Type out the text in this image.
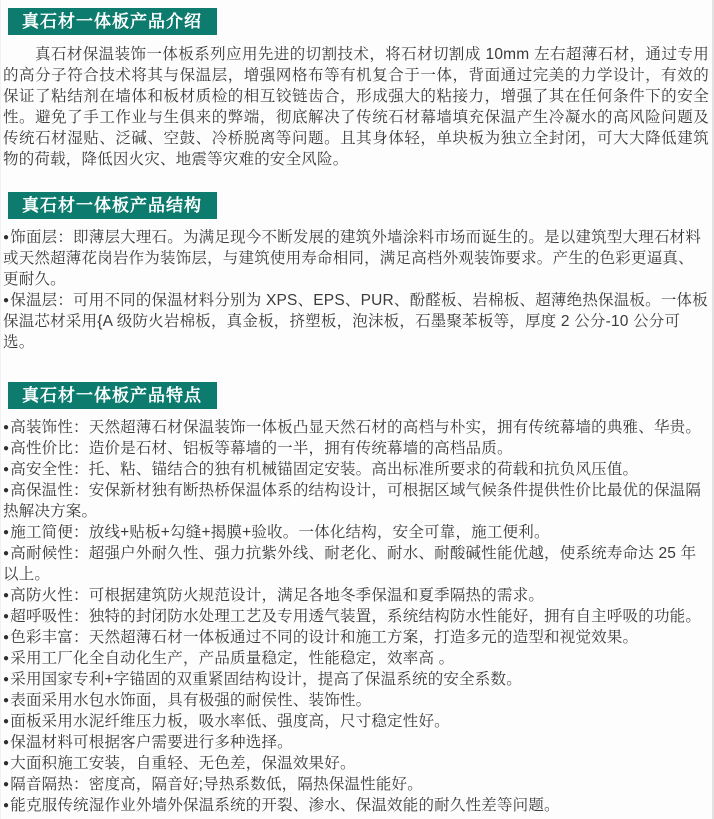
真石材一体板产品介绍

真石材保温装饰一体板系列应用先进的切割技术，将石材切割成 10mm 左右超薄石材，通过专用的高分子符合技术将其与保温层，增强网格布等有机复合于一体，背面通过完美的力学设计，有效的保证了粘结剂在墙体和板材质检的相互铰链齿合，形成强大的粘接力，增强了其在任何条件下的安全性。避免了手工作业与生俱来的弊端，彻底解决了传统石材幕墙填充保温产生冷凝水的高风险问题及传统石材湿贴、泛碱、空鼓、冷桥脱离等问题。且其身体轻，单块板为独立全封闭，可大大降低建筑物的荷载，降低因火灾、地震等灾难的安全风险。

真石材一体板产品结构
●饰面层：即薄层大理石。为满足现今不断发展的建筑外墙涂料市场而诞生的。是以建筑型大理石材料或天然超薄花岗岩作为装饰层，与建筑使用寿命相同，满足高档外观装饰要求。产生的色彩更逼真、更耐久。
●保温层：可用不同的保温材料分别为 XPS、EPS、PUR、酚醛板、岩棉板、超薄绝热保温板。一体板保温芯材采用{A 级防火岩棉板，真金板，挤塑板，泡沫板，石墨聚苯板等，厚度 2 公分-10 公分可选。
真石材一体板产品特点
●高装饰性：天然超薄石材保温装饰一体板凸显天然石材的高档与朴实，拥有传统幕墙的典雅、华贵。
●高性价比：造价是石材、铝板等幕墙的一半，拥有传统幕墙的高档品质。
●高安全性：托、粘、锚结合的独有机械锚固定安装。高出标准所要求的荷载和抗负风压值。
●高保温性：安保新材独有断热桥保温体系的结构设计，可根据区域气候条件提供性价比最优的保温隔热解决方案。
●施工简便：放线+贴板+勾缝+揭膜+验收。一体化结构，安全可靠，施工便利。
●高耐候性：超强户外耐久性、强力抗紫外线、耐老化、耐水、耐酸碱性能优越，使系统寿命达 25 年以上。
●高防火性：可根据建筑防火规范设计，满足各地冬季保温和夏季隔热的需求。
●超呼吸性：独特的封闭防水处理工艺及专用透气装置，系统结构防水性能好，拥有自主呼吸的功能。
●色彩丰富：天然超薄石材一体板通过不同的设计和施工方案，打造多元的造型和视觉效果。
●采用工厂化全自动化生产，产品质量稳定，性能稳定，效率高 。
●采用国家专利+字锚固的双重紧固结构设计，提高了保温系统的安全系数。
●表面采用水包水饰面，具有极强的耐侯性、装饰性。
●面板采用水泥纤维压力板，吸水率低、强度高，尺寸稳定性好。
●保温材料可根据客户需要进行多种选择。
●大面积施工安装，自重轻、无色差，保温效果好。
●隔音隔热：密度高，隔音好;导热系数低，隔热保温性能好。
●能克服传统湿作业外墙外保温系统的开裂、渗水、保温效能的耐久性差等问题。
